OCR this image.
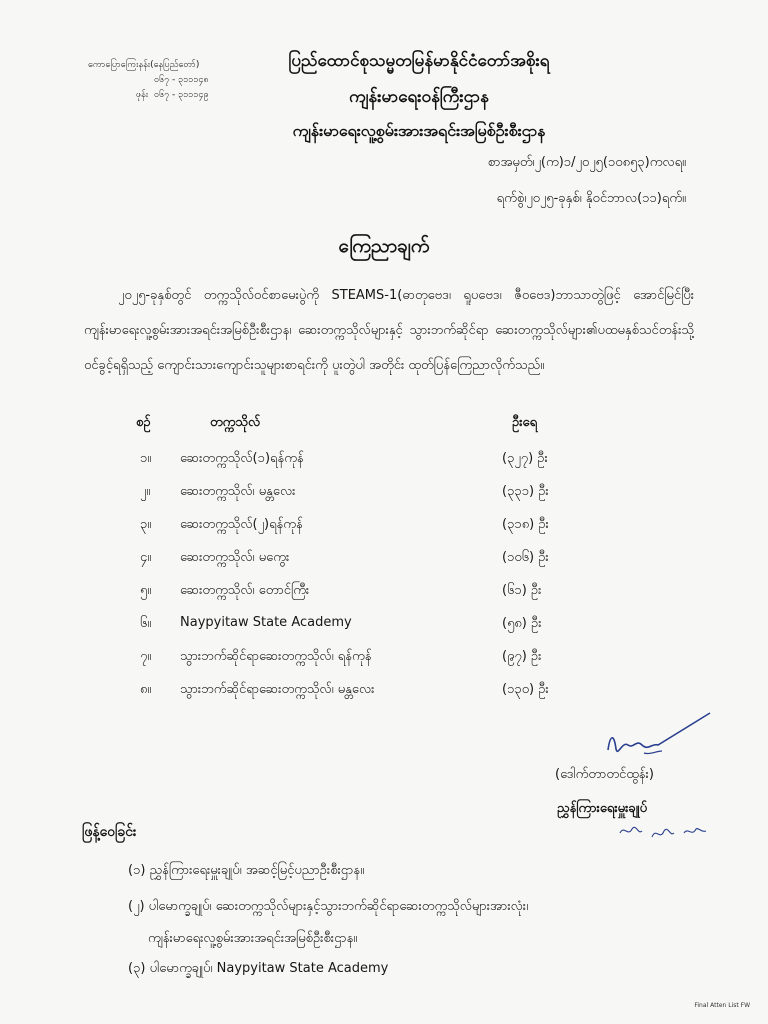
ကောပြောကြေးနန်း(နေပြည်တော်)
၀၆၇ - ၃၁၁၁၄၈
ဖုန်း ၀၆၇ - ၃၁၁၁၄၉
ပြည်ထောင်စုသမ္မတမြန်မာနိုင်ငံတော်အစိုးရ
ကျန်းမာရေးဝန်ကြီးဌာန
ကျန်းမာရေးလူ့စွမ်းအားအရင်းအမြစ်ဦးစီးဌာန
စာအမှတ်၊၂(က)၁/၂၀၂၅(၁၀၈၅၃)ကလရ။
ရက်စွဲ၊၂၀၂၅-ခုနှစ်၊ နိုဝင်ဘာလ(၁၁)ရက်။
ကြေညာချက်
၂၀၂၅-ခုနှစ်တွင် တက္ကသိုလ်ဝင်စာမေးပွဲကို STEAMS-1(ဓာတုဗေဒ၊ ရူပဗေဒ၊ ဇီဝဗေဒ)ဘာသာတွဲဖြင့် အောင်မြင်ပြီး ကျန်းမာရေးလူ့စွမ်းအားအရင်းအမြစ်ဦးစီးဌာန၊ ဆေးတက္ကသိုလ်များနှင့် သွားဘက်ဆိုင်ရာ ဆေးတက္ကသိုလ်များ၏ပထမနှစ်သင်တန်းသို့ ဝင်ခွင့်ရရှိသည့် ကျောင်းသားကျောင်းသူများစာရင်းကို ပူးတွဲပါ အတိုင်း ထုတ်ပြန်ကြေညာလိုက်သည်။
စဉ်	တက္ကသိုလ်	ဦးရေ
၁။ ဆေးတက္ကသိုလ်(၁)ရန်ကုန်	(၃၂၇) ဦး
၂။ ဆေးတက္ကသိုလ်၊ မန္တလေး	(၃၃၁) ဦး
၃။ ဆေးတက္ကသိုလ်(၂)ရန်ကုန်	(၃၁၈) ဦး
၄။ ဆေးတက္ကသိုလ်၊ မကွေး	(၁၀၆) ဦး
၅။ ဆေးတက္ကသိုလ်၊ တောင်ကြီး	(၆၁) ဦး
၆။ Naypyitaw State Academy	(၅၈) ဦး
၇။ သွားဘက်ဆိုင်ရာဆေးတက္ကသိုလ်၊ ရန်ကုန်	(၉၇) ဦး
၈။ သွားဘက်ဆိုင်ရာဆေးတက္ကသိုလ်၊ မန္တလေး	(၁၃၀) ဦး
(ဒေါက်တာတင်ထွန်း)
ညွှန်ကြားရေးမှူးချုပ်
ဖြန့်ဝေခြင်း
(၁) ညွှန်ကြားရေးမှူးချုပ်၊ အဆင့်မြင့်ပညာဦးစီးဌာန။
(၂) ပါမောက္ခချုပ်၊ ဆေးတက္ကသိုလ်များနှင့်သွားဘက်ဆိုင်ရာဆေးတက္ကသိုလ်များအားလုံး၊
ကျန်းမာရေးလူ့စွမ်းအားအရင်းအမြစ်ဦးစီးဌာန။
(၃) ပါမောက္ခချုပ်၊ Naypyitaw State Academy
Final Atten List FW
